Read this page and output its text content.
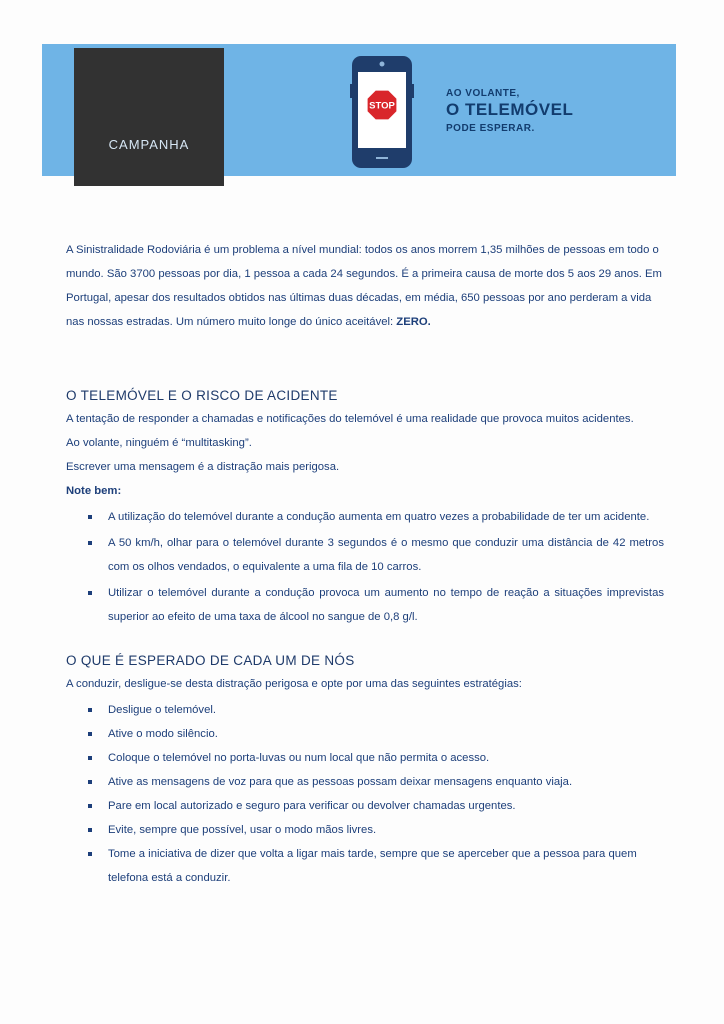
CAMPANHA
STOP
AO VOLANTE,
O TELEMÓVEL
PODE ESPERAR.

A Sinistralidade Rodoviária é um problema a nível mundial: todos os anos morrem 1,35 milhões de pessoas em todo o mundo. São 3700 pessoas por dia, 1 pessoa a cada 24 segundos. É a primeira causa de morte dos 5 aos 29 anos. Em Portugal, apesar dos resultados obtidos nas últimas duas décadas, em média, 650 pessoas por ano perderam a vida nas nossas estradas. Um número muito longe do único aceitável: ZERO.

O TELEMÓVEL E O RISCO DE ACIDENTE

A tentação de responder a chamadas e notificações do telemóvel é uma realidade que provoca muitos acidentes.

Ao volante, ninguém é “multitasking”.

Escrever uma mensagem é a distração mais perigosa.

Note bem:

A utilização do telemóvel durante a condução aumenta em quatro vezes a probabilidade de ter um acidente.
A 50 km/h, olhar para o telemóvel durante 3 segundos é o mesmo que conduzir uma distância de 42 metros com os olhos vendados, o equivalente a uma fila de 10 carros.
Utilizar o telemóvel durante a condução provoca um aumento no tempo de reação a situações imprevistas superior ao efeito de uma taxa de álcool no sangue de 0,8 g/l.
O QUE É ESPERADO DE CADA UM DE NÓS

A conduzir, desligue-se desta distração perigosa e opte por uma das seguintes estratégias:

Desligue o telemóvel.
Ative o modo silêncio.
Coloque o telemóvel no porta-luvas ou num local que não permita o acesso.
Ative as mensagens de voz para que as pessoas possam deixar mensagens enquanto viaja.
Pare em local autorizado e seguro para verificar ou devolver chamadas urgentes.
Evite, sempre que possível, usar o modo mãos livres.
Tome a iniciativa de dizer que volta a ligar mais tarde, sempre que se aperceber que a pessoa para quem telefona está a conduzir.
